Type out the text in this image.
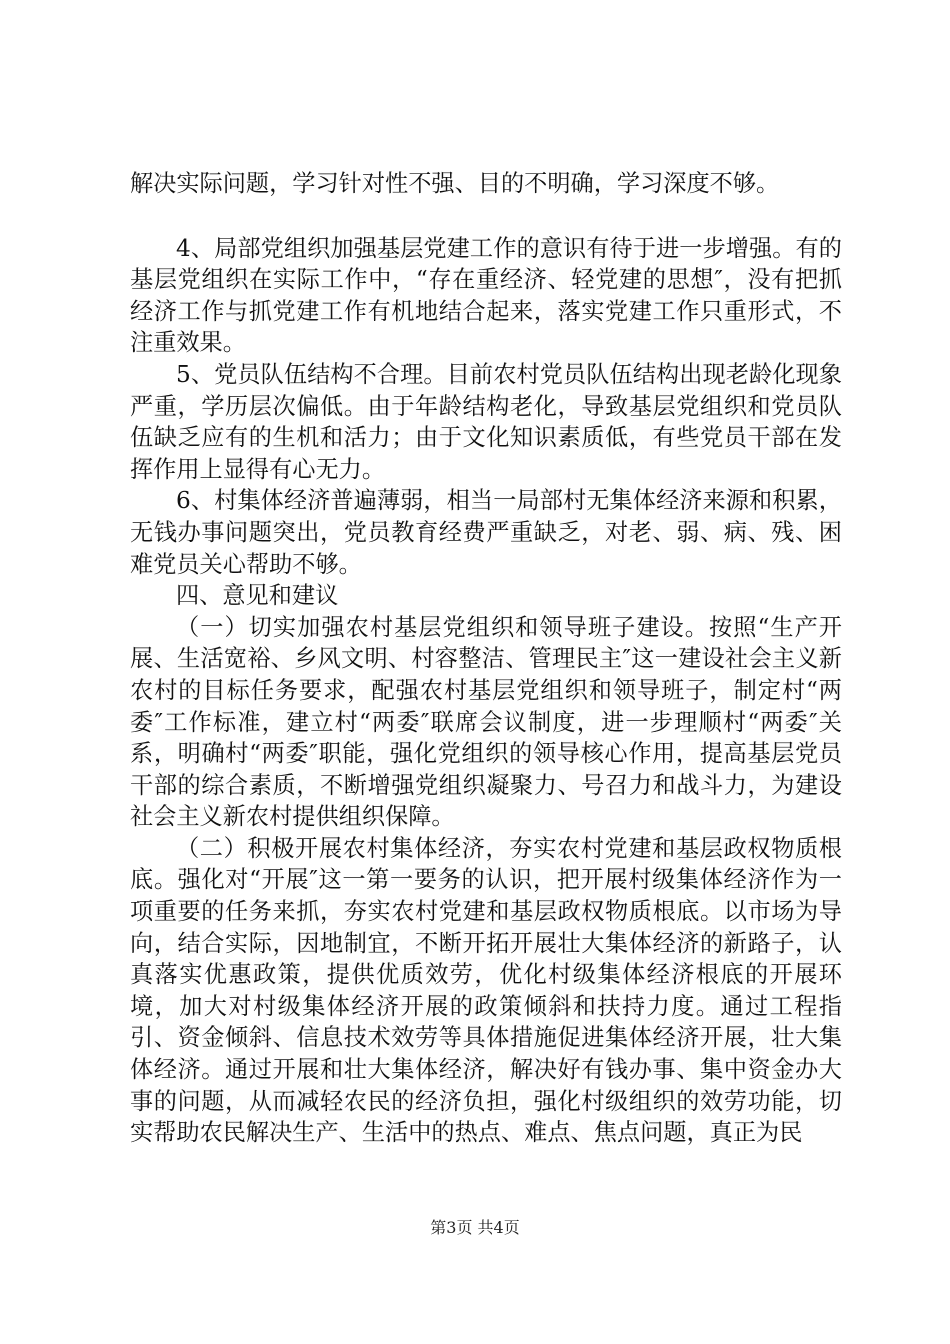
解决实际问题，学习针对性不强、目的不明确，学习深度不够。

4、局部党组织加强基层党建工作的意识有待于进一步增强。有的基层党组织在实际工作中，“存在重经济、轻党建的思想″，没有把抓经济工作与抓党建工作有机地结合起来，落实党建工作只重形式，不注重效果。

5、党员队伍结构不合理。目前农村党员队伍结构出现老龄化现象严重，学历层次偏低。由于年龄结构老化，导致基层党组织和党员队伍缺乏应有的生机和活力；由于文化知识素质低，有些党员干部在发挥作用上显得有心无力。

6、村集体经济普遍薄弱，相当一局部村无集体经济来源和积累，无钱办事问题突出，党员教育经费严重缺乏，对老、弱、病、残、困难党员关心帮助不够。

四、意见和建议

（一）切实加强农村基层党组织和领导班子建设。按照“生产开展、生活宽裕、乡风文明、村容整洁、管理民主″这一建设社会主义新农村的目标任务要求，配强农村基层党组织和领导班子，制定村“两委″工作标准，建立村“两委″联席会议制度，进一步理顺村“两委″关系，明确村“两委″职能，强化党组织的领导核心作用，提高基层党员干部的综合素质，不断增强党组织凝聚力、号召力和战斗力，为建设社会主义新农村提供组织保障。

（二）积极开展农村集体经济，夯实农村党建和基层政权物质根底。强化对“开展″这一第一要务的认识，把开展村级集体经济作为一项重要的任务来抓，夯实农村党建和基层政权物质根底。以市场为导向，结合实际，因地制宜，不断开拓开展壮大集体经济的新路子，认真落实优惠政策，提供优质效劳，优化村级集体经济根底的开展环境，加大对村级集体经济开展的政策倾斜和扶持力度。通过工程指引、资金倾斜、信息技术效劳等具体措施促进集体经济开展，壮大集体经济。通过开展和壮大集体经济，解决好有钱办事、集中资金办大事的问题，从而减轻农民的经济负担，强化村级组织的效劳功能，切实帮助农民解决生产、生活中的热点、难点、焦点问题，真正为民

第3页 共4页
